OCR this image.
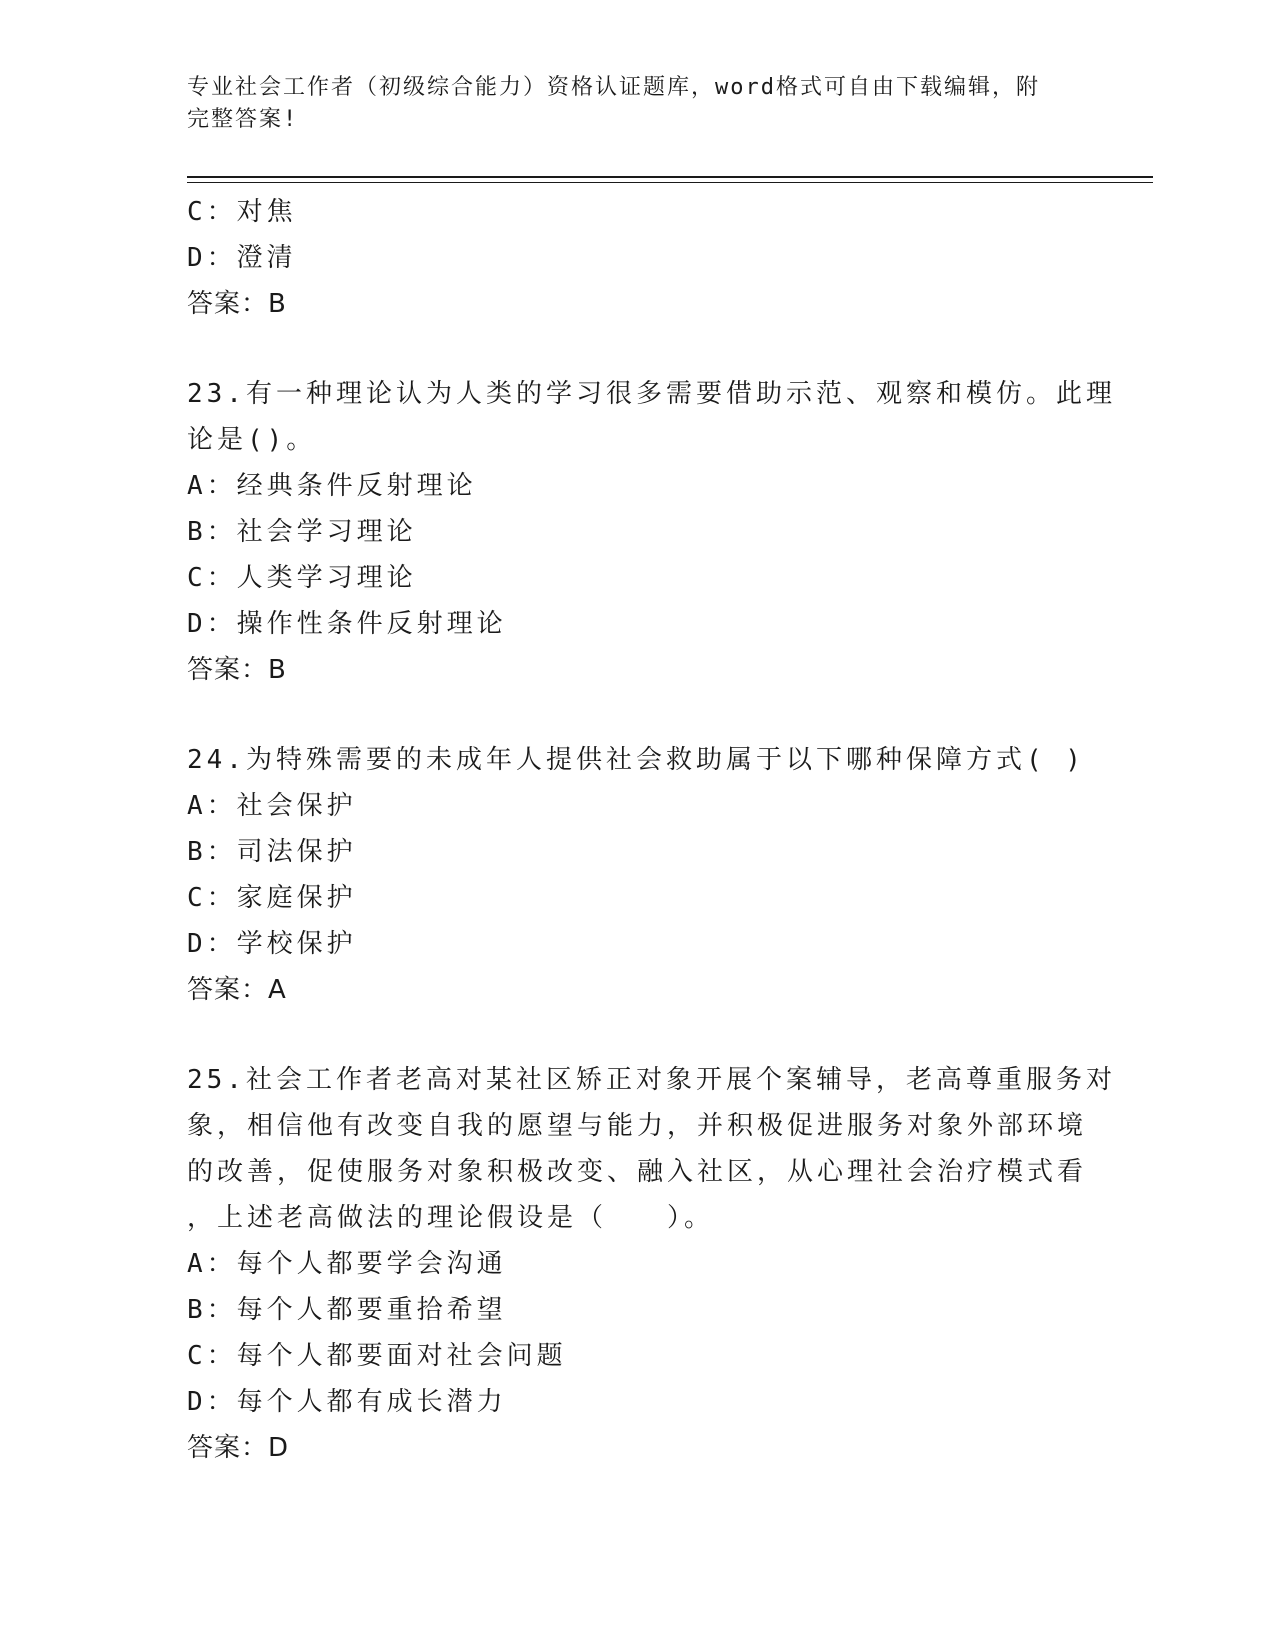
专业社会工作者（初级综合能力）资格认证题库，word格式可自由下载编辑，附
完整答案!
C：对焦
D：澄清
答案：B
23.有一种理论认为人类的学习很多需要借助示范、观察和模仿。此理
论是()。
A：经典条件反射理论
B：社会学习理论
C：人类学习理论
D：操作性条件反射理论
答案：B
24.为特殊需要的未成年人提供社会救助属于以下哪种保障方式( )
A：社会保护
B：司法保护
C：家庭保护
D：学校保护
答案：A
25.社会工作者老高对某社区矫正对象开展个案辅导，老高尊重服务对
象，相信他有改变自我的愿望与能力，并积极促进服务对象外部环境
的改善，促使服务对象积极改变、融入社区，从心理社会治疗模式看
，上述老高做法的理论假设是（　　）。
A：每个人都要学会沟通
B：每个人都要重拾希望
C：每个人都要面对社会问题
D：每个人都有成长潜力
答案：D
